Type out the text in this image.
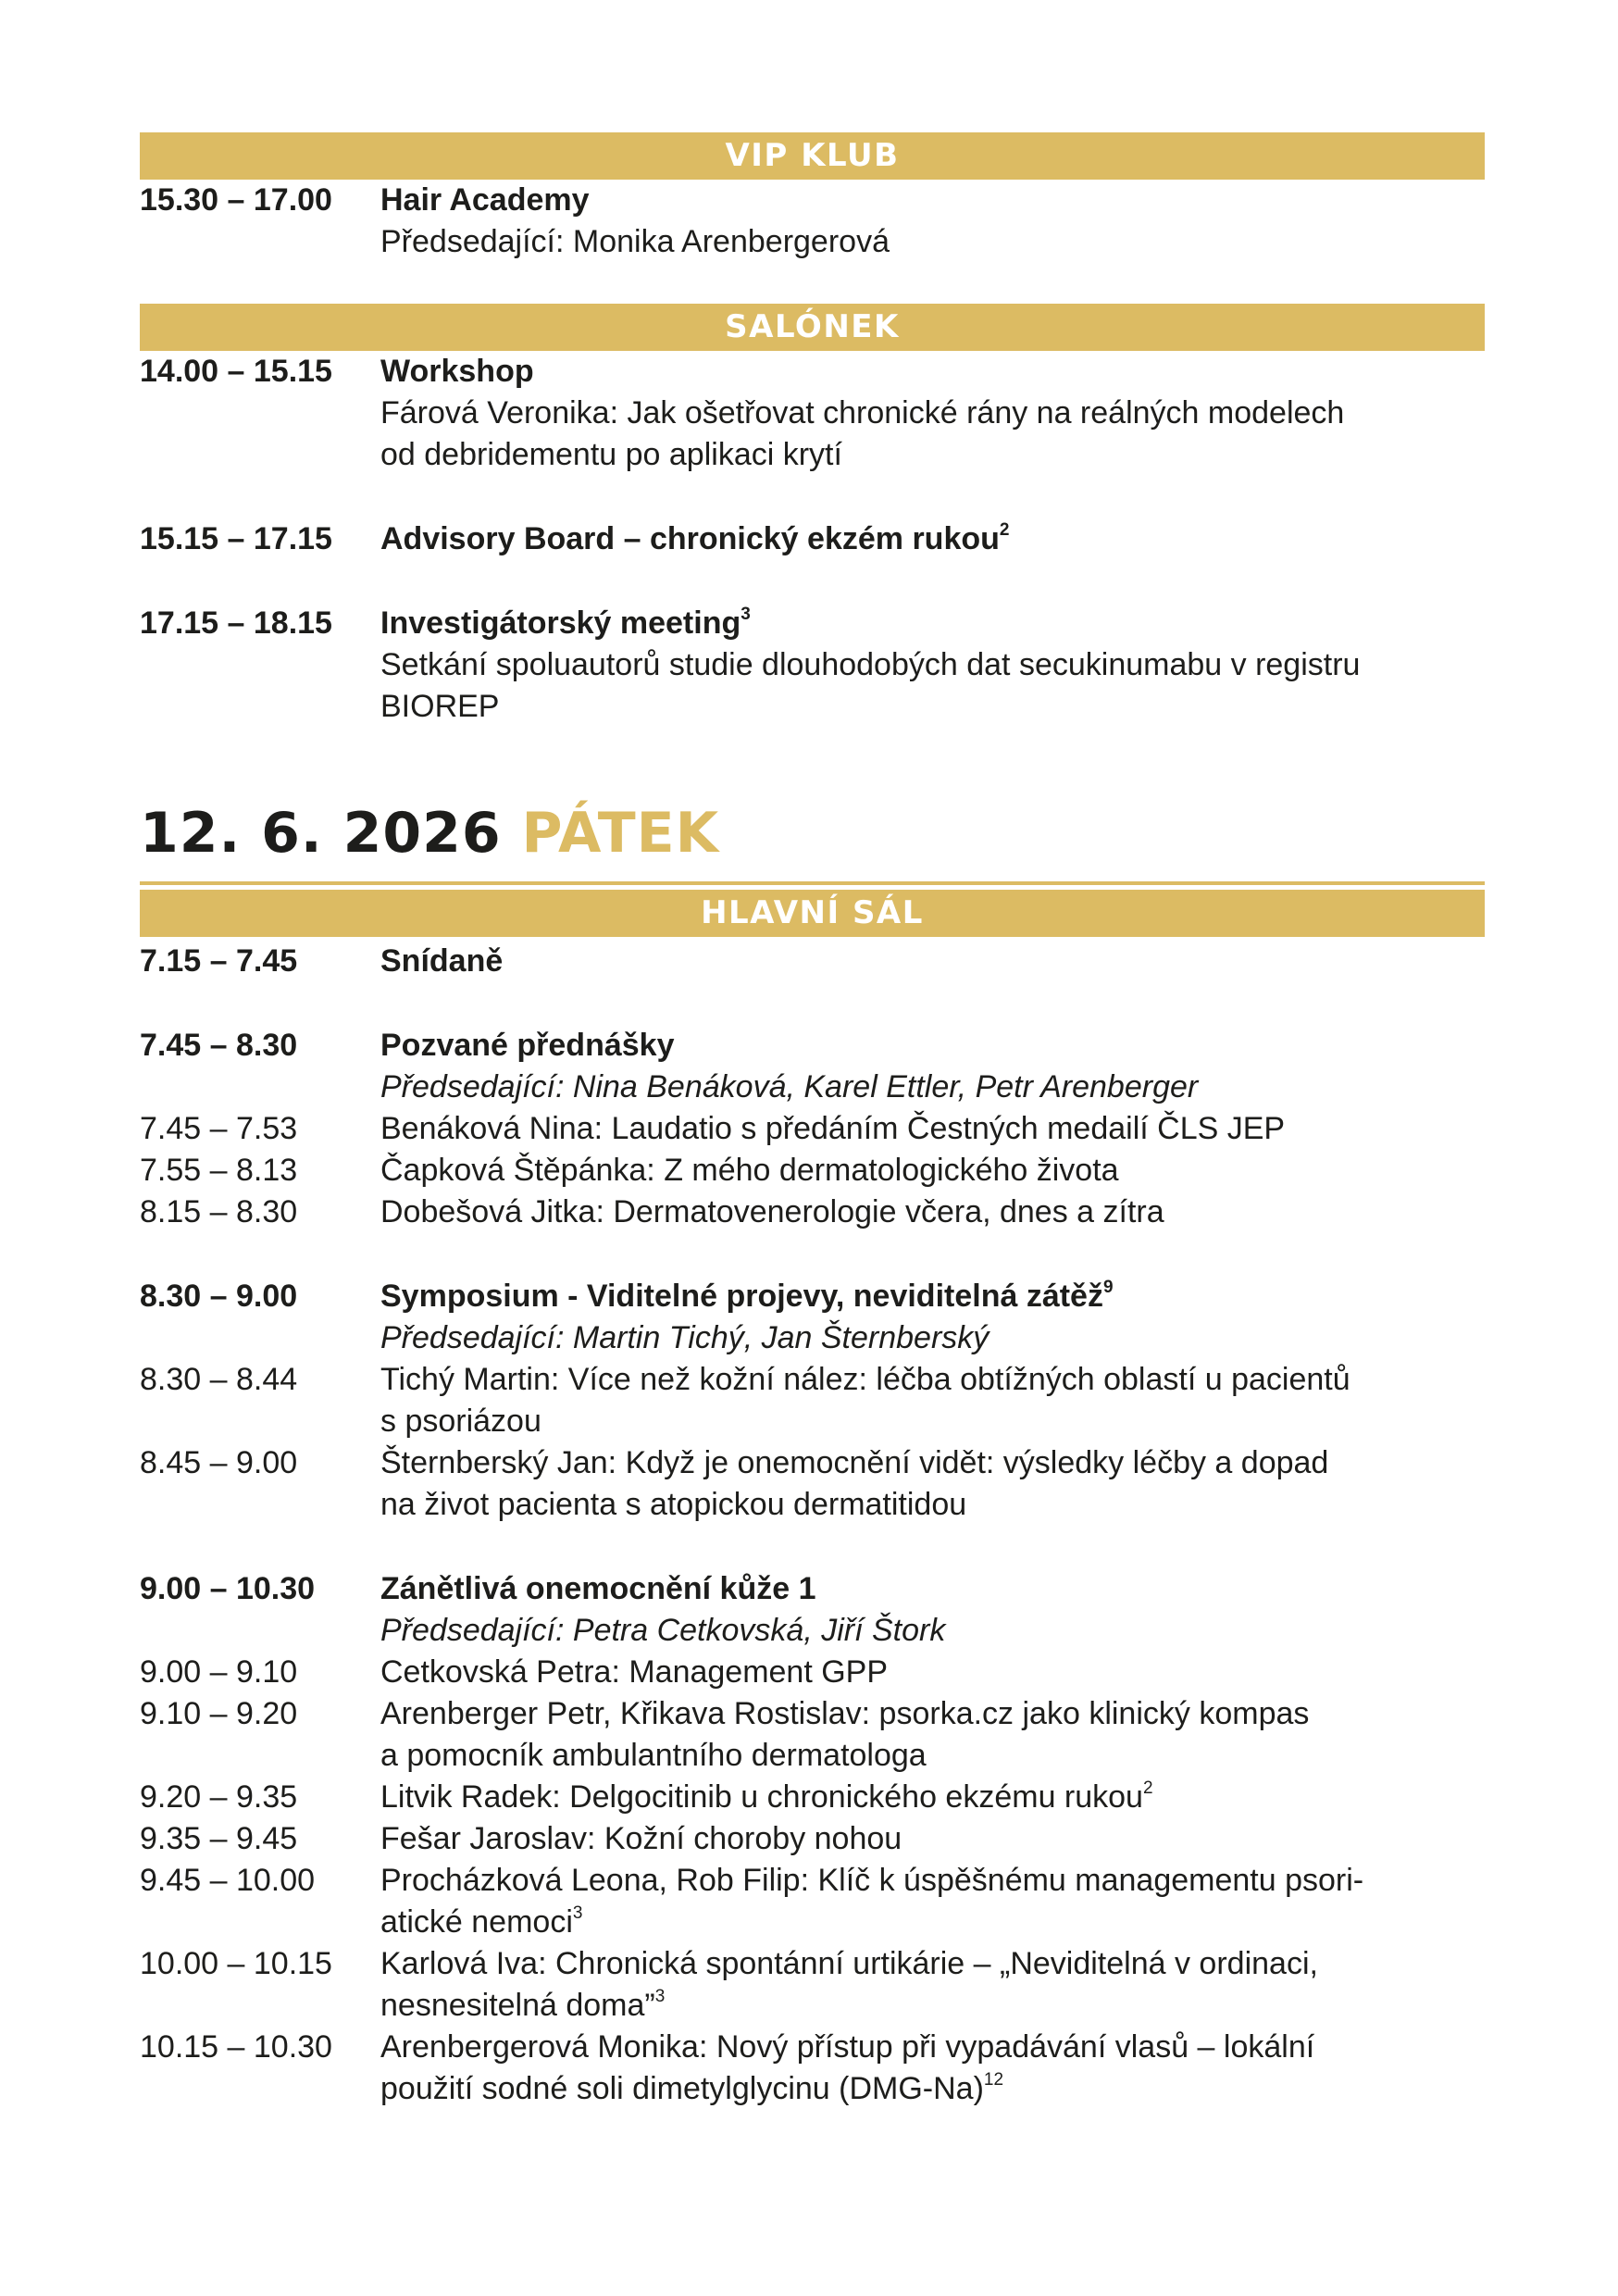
VIP KLUB
15.30 – 17.00	Hair Academy
Předsedající: Monika Arenbergerová
SALÓNEK
14.00 – 15.15	Workshop
Fárová Veronika: Jak ošetřovat chronické rány na reálných modelech
od debridementu po aplikaci krytí
15.15 – 17.15	Advisory Board – chronický ekzém rukou$^2$
17.15 – 18.15	Investigátorský meeting$^3$
Setkání spoluautorů studie dlouhodobých dat secukinumabu v registru
BIOREP
12. 6. 2026 PÁTEK
HLAVNÍ SÁL
7.15 – 7.45	Snídaně
7.45 – 8.30	Pozvané přednášky
Předsedající: Nina Benáková, Karel Ettler, Petr Arenberger
7.45 – 7.53	Benáková Nina: Laudatio s předáním Čestných medailí ČLS JEP
7.55 – 8.13	Čapková Štěpánka: Z mého dermatologického života
8.15 – 8.30	Dobešová Jitka: Dermatovenerologie včera, dnes a zítra
8.30 – 9.00	Symposium - Viditelné projevy, neviditelná zátěž$^9$
Předsedající: Martin Tichý, Jan Šternberský
8.30 – 8.44	Tichý Martin: Více než kožní nález: léčba obtížných oblastí u pacientů
s psoriázou
8.45 – 9.00	Šternberský Jan: Když je onemocnění vidět: výsledky léčby a dopad
na život pacienta s atopickou dermatitidou
9.00 – 10.30	Zánětlivá onemocnění kůže 1
Předsedající: Petra Cetkovská, Jiří Štork
9.00 – 9.10	Cetkovská Petra: Management GPP
9.10 – 9.20	Arenberger Petr, Křikava Rostislav: psorka.cz jako klinický kompas
a pomocník ambulantního dermatologa
9.20 – 9.35	Litvik Radek: Delgocitinib u chronického ekzému rukou$^2$
9.35 – 9.45	Fešar Jaroslav: Kožní choroby nohou
9.45 – 10.00	Procházková Leona, Rob Filip: Klíč k úspěšnému managementu psori-
atické nemoci$^3$
10.00 – 10.15	Karlová Iva: Chronická spontánní urtikárie – „Neviditelná v ordinaci,
nesnesitelná doma”$^3$
10.15 – 10.30	Arenbergerová Monika: Nový přístup při vypadávání vlasů – lokální
použití sodné soli dimetylglycinu $(DMG-Na)^{12}$
